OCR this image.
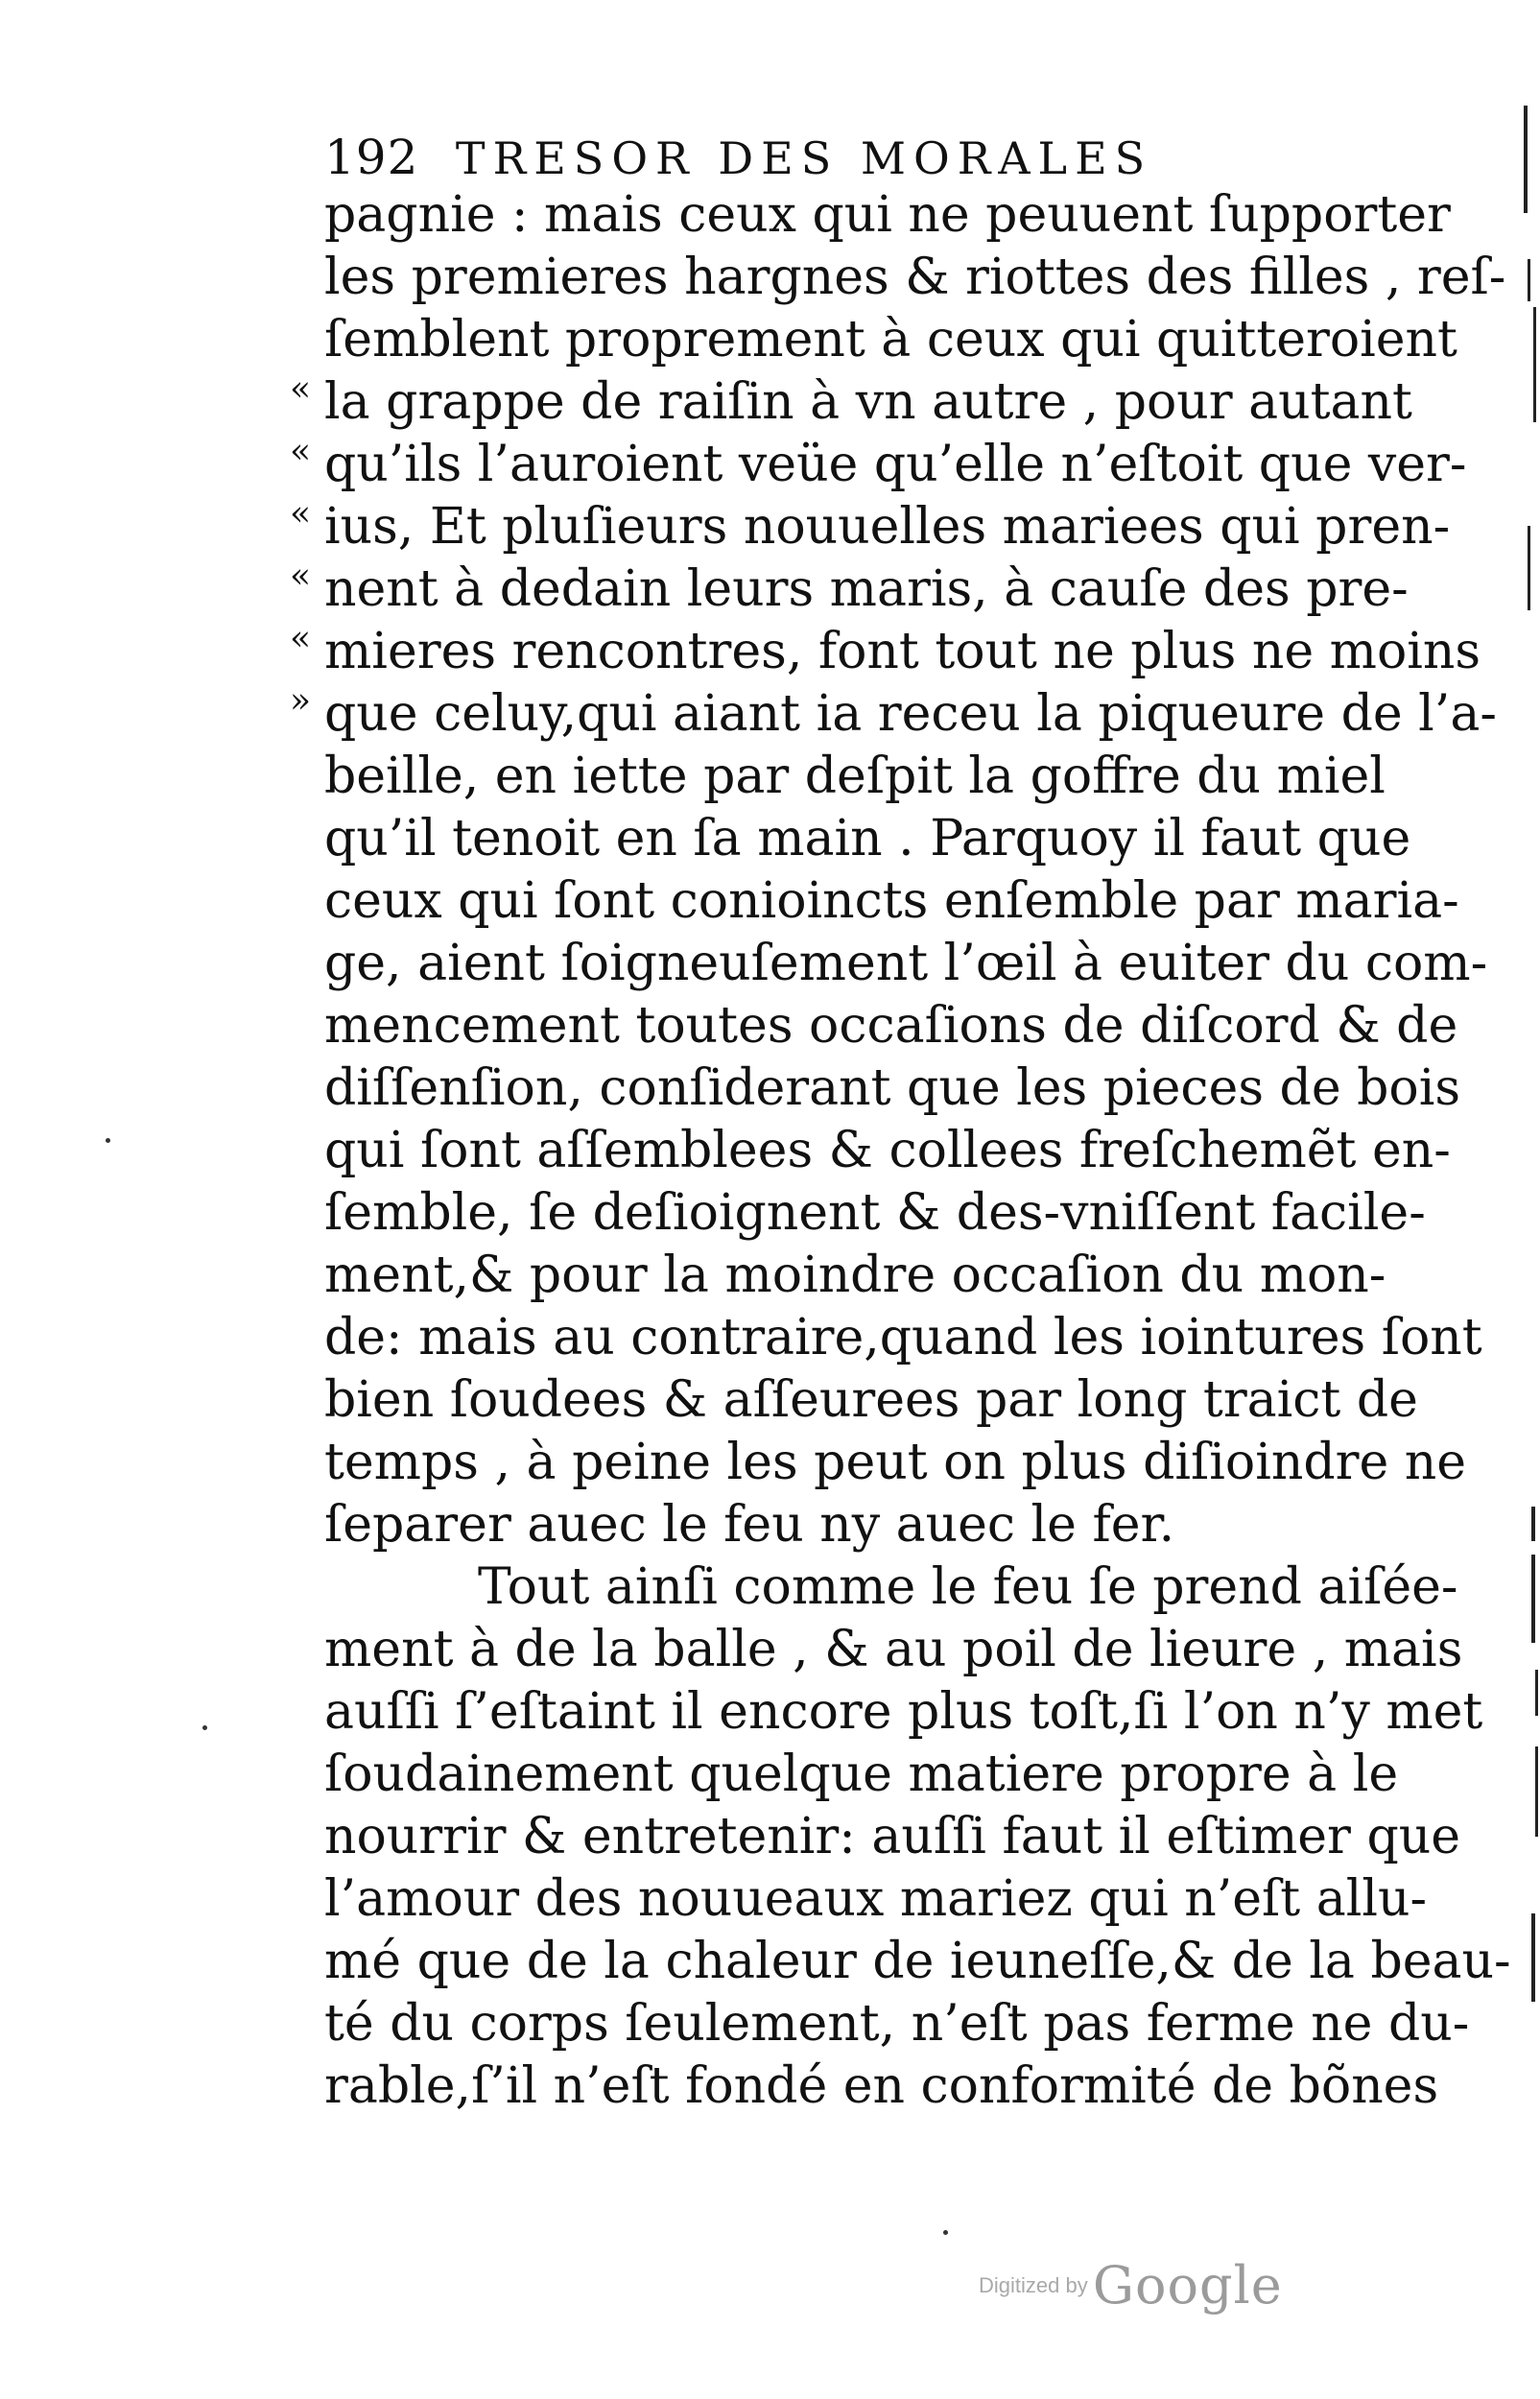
192 TRESOR DES MORALES
«
«
«
«
«
»
pagnie : mais ceux qui ne peuuent ſupporter
les premieres hargnes & riottes des filles , reſ-
ſemblent proprement à ceux qui quitteroient
la grappe de raiſin à vn autre , pour autant
qu’ils l’auroient veüe qu’elle n’eſtoit que ver-
ius, Et pluſieurs nouuelles mariees qui pren-
nent à dedain leurs maris, à cauſe des pre-
mieres rencontres, font tout ne plus ne moins
que celuy,qui aiant ia receu la piqueure de l’a-
beille, en iette par deſpit la goffre du miel
qu’il tenoit en ſa main . Parquoy il faut que
ceux qui ſont conioincts enſemble par maria-
ge, aient ſoigneuſement l’œil à euiter du com-
mencement toutes occaſions de diſcord & de
diſſenſion, conſiderant que les pieces de bois
qui ſont aſſemblees & collees freſchemẽt en-
ſemble, ſe deſioignent & des-vniſſent facile-
ment,& pour la moindre occaſion du mon-
de: mais au contraire,quand les iointures ſont
bien ſoudees & aſſeurees par long traict de
temps , à peine les peut on plus diſioindre ne
ſeparer auec le feu ny auec le fer.
Tout ainſi comme le feu ſe prend aiſée-
ment à de la balle , & au poil de lieure , mais
auſſi ſ’eſtaint il encore plus toſt,ſi l’on n’y met
ſoudainement quelque matiere propre à le
nourrir & entretenir: auſſi faut il eſtimer que
l’amour des nouueaux mariez qui n’eſt allu-
mé que de la chaleur de ieuneſſe,& de la beau-
té du corps ſeulement, n’eſt pas ferme ne du-
rable,ſ’il n’eſt fondé en conformité de bõnes
Digitized by Google
